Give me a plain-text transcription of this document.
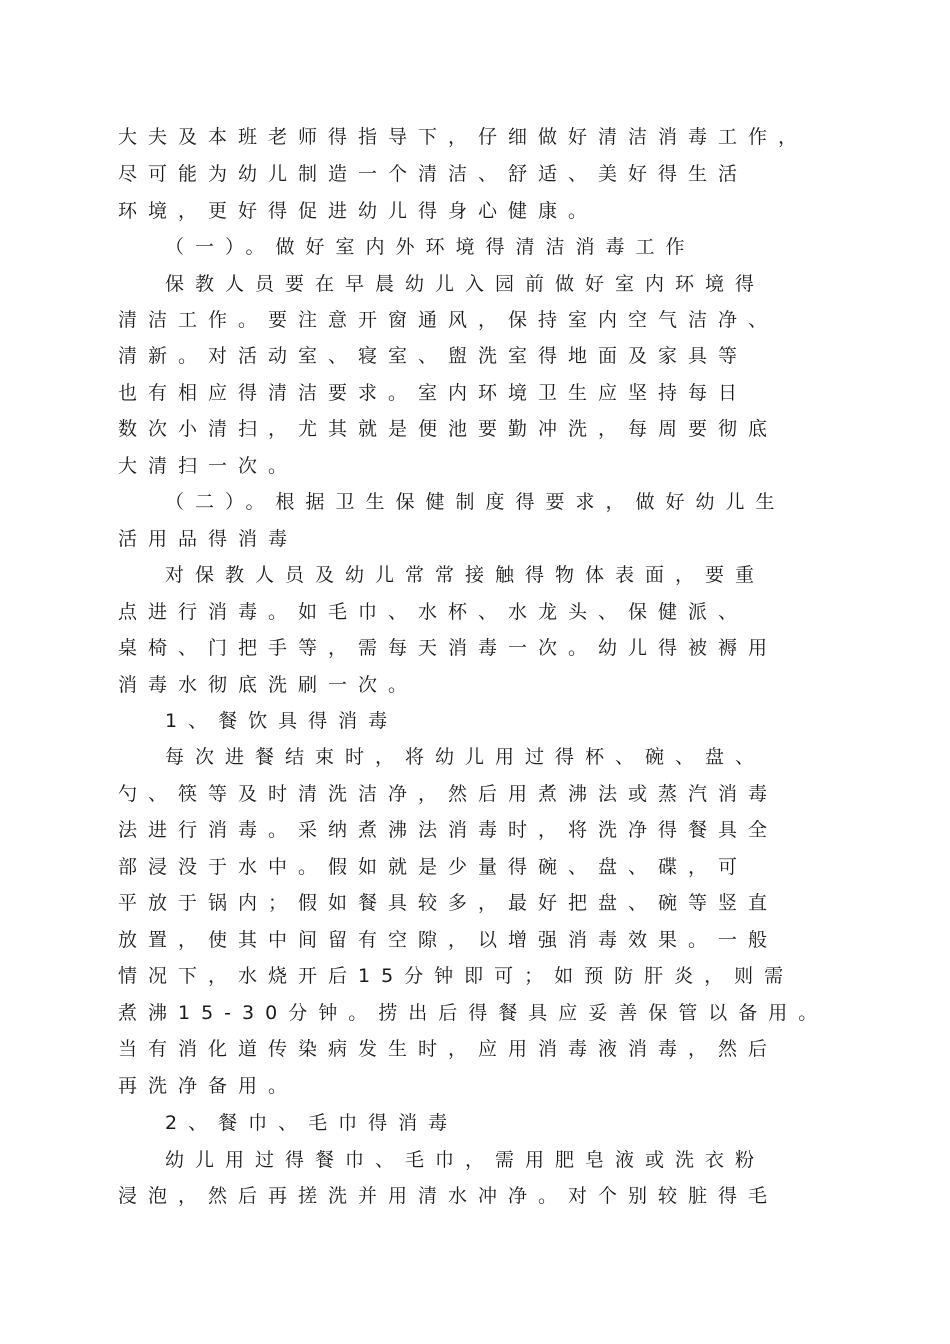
大夫及本班老师得指导下，仔细做好清洁消毒工作，
尽可能为幼儿制造一个清洁、舒适、美好得生活
环境，更好得促进幼儿得身心健康。
（一）。做好室内外环境得清洁消毒工作
保教人员要在早晨幼儿入园前做好室内环境得
清洁工作。要注意开窗通风，保持室内空气洁净、
清新。对活动室、寝室、盥洗室得地面及家具等
也有相应得清洁要求。室内环境卫生应坚持每日
数次小清扫，尤其就是便池要勤冲洗，每周要彻底
大清扫一次。
（二）。根据卫生保健制度得要求，做好幼儿生
活用品得消毒
对保教人员及幼儿常常接触得物体表面，要重
点进行消毒。如毛巾、水杯、水龙头、保健派、
桌椅、门把手等，需每天消毒一次。幼儿得被褥用
消毒水彻底洗刷一次。
1、餐饮具得消毒
每次进餐结束时，将幼儿用过得杯、碗、盘、
勺、筷等及时清洗洁净，然后用煮沸法或蒸汽消毒
法进行消毒。采纳煮沸法消毒时，将洗净得餐具全
部浸没于水中。假如就是少量得碗、盘、碟，可
平放于锅内；假如餐具较多，最好把盘、碗等竖直
放置，使其中间留有空隙，以增强消毒效果。一般
情况下，水烧开后15分钟即可；如预防肝炎，则需
煮沸15-30分钟。捞出后得餐具应妥善保管以备用。
当有消化道传染病发生时，应用消毒液消毒，然后
再洗净备用。
2、餐巾、毛巾得消毒
幼儿用过得餐巾、毛巾，需用肥皂液或洗衣粉
浸泡，然后再搓洗并用清水冲净。对个别较脏得毛
